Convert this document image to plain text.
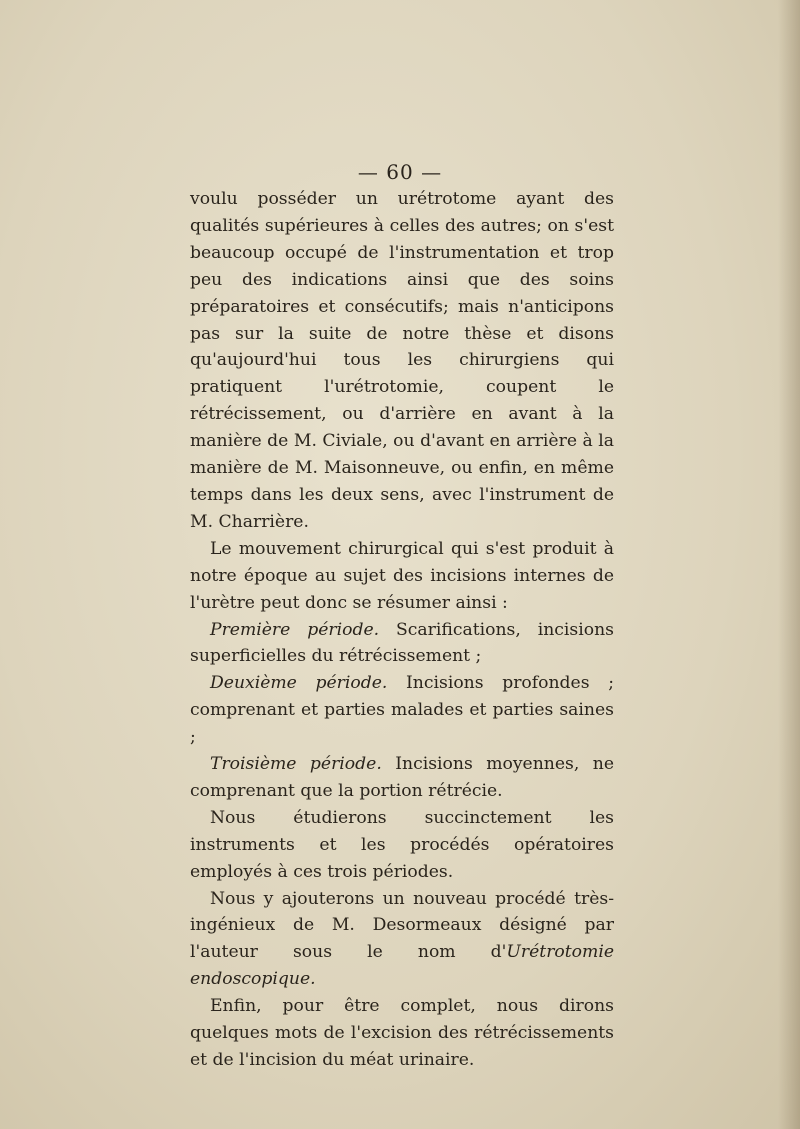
— 60 —

voulu posséder un urétrotome ayant des qualités supérieures à celles des autres; on s'est beaucoup occupé de l'instrumentation et trop peu des indications ainsi que des soins préparatoires et consécutifs; mais n'anticipons pas sur la suite de notre thèse et disons qu'aujourd'hui tous les chirurgiens qui pratiquent l'urétrotomie, coupent le rétrécissement, ou d'arrière en avant à la manière de M. Civiale, ou d'avant en arrière à la manière de M. Maisonneuve, ou enfin, en même temps dans les deux sens, avec l'instrument de M. Charrière.

Le mouvement chirurgical qui s'est produit à notre époque au sujet des incisions internes de l'urètre peut donc se résumer ainsi :

Première période. Scarifications, incisions superficielles du rétrécissement ;

Deuxième période. Incisions profondes ; comprenant et parties malades et parties saines ;

Troisième période. Incisions moyennes, ne comprenant que la portion rétrécie.

Nous étudierons succinctement les instruments et les procédés opératoires employés à ces trois périodes.

Nous y ajouterons un nouveau procédé très-ingénieux de M. Desormeaux désigné par l'auteur sous le nom d'Urétrotomie endoscopique.

Enfin, pour être complet, nous dirons quelques mots de l'excision des rétrécissements et de l'incision du méat urinaire.
